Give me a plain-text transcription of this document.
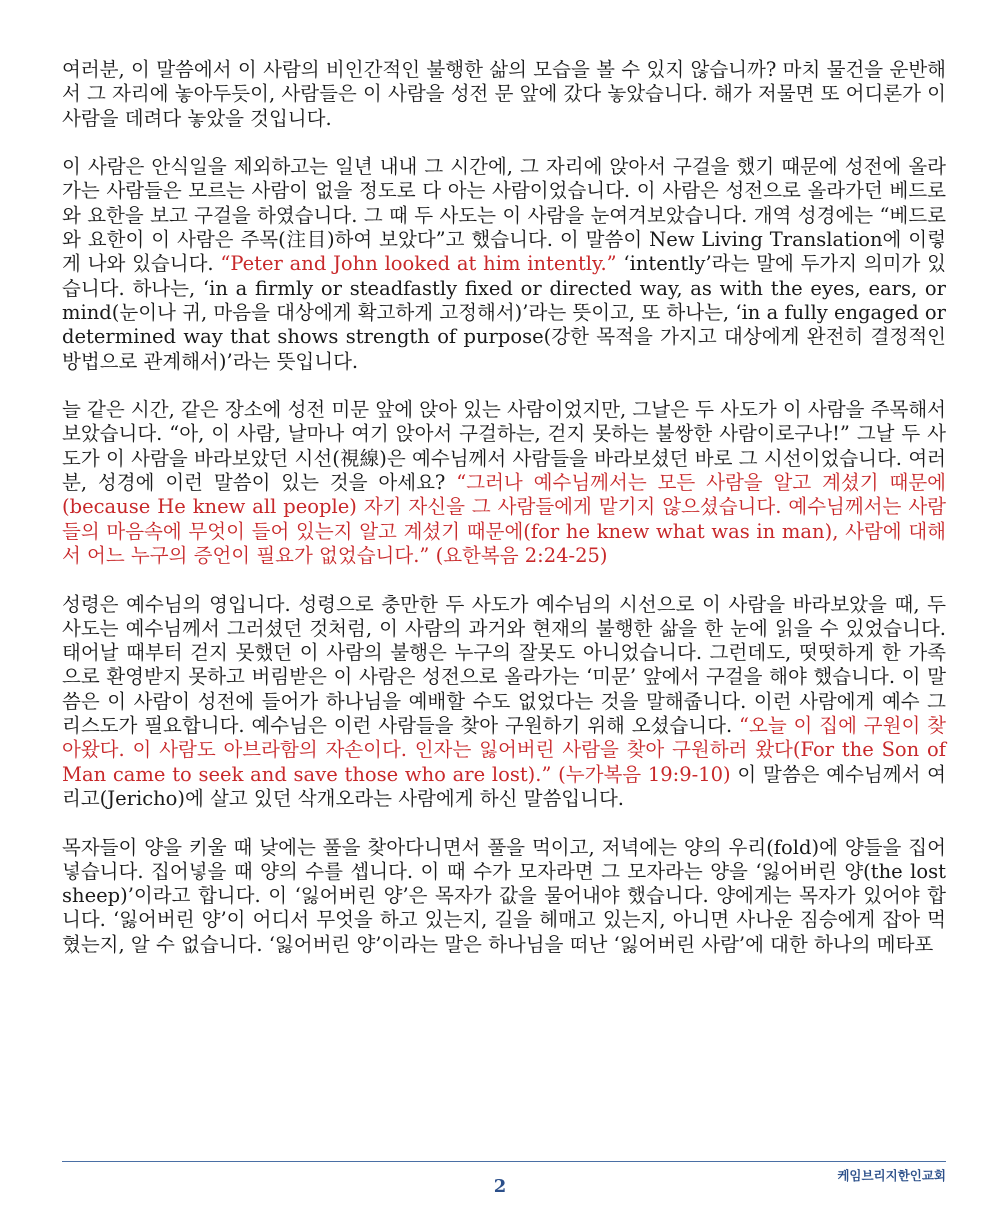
여러분, 이 말씀에서 이 사람의 비인간적인 불행한 삶의 모습을 볼 수 있지 않습니까? 마치 물건을 운반해서 그 자리에 놓아두듯이, 사람들은 이 사람을 성전 문 앞에 갔다 놓았습니다. 해가 저물면 또 어디론가 이 사람을 데려다 놓았을 것입니다.

이 사람은 안식일을 제외하고는 일년 내내 그 시간에, 그 자리에 앉아서 구걸을 했기 때문에 성전에 올라가는 사람들은 모르는 사람이 없을 정도로 다 아는 사람이었습니다. 이 사람은 성전으로 올라가던 베드로와 요한을 보고 구걸을 하였습니다. 그 때 두 사도는 이 사람을 눈여겨보았습니다. 개역 성경에는 “베드로와 요한이 이 사람은 주목(注目)하여 보았다”고 했습니다. 이 말씀이 New Living Translation에 이렇게 나와 있습니다. “Peter and John looked at him intently.” ‘intently’라는 말에 두가지 의미가 있습니다. 하나는, ‘in a firmly or steadfastly fixed or directed way, as with the eyes, ears, or mind(눈이나 귀, 마음을 대상에게 확고하게 고정해서)’라는 뜻이고, 또 하나는, ‘in a fully engaged or determined way that shows strength of purpose(강한 목적을 가지고 대상에게 완전히 결정적인 방법으로 관계해서)’라는 뜻입니다.

늘 같은 시간, 같은 장소에 성전 미문 앞에 앉아 있는 사람이었지만, 그날은 두 사도가 이 사람을 주목해서 보았습니다. “아, 이 사람, 날마나 여기 앉아서 구걸하는, 걷지 못하는 불쌍한 사람이로구나!” 그날 두 사도가 이 사람을 바라보았던 시선(視線)은 예수님께서 사람들을 바라보셨던 바로 그 시선이었습니다. 여러분, 성경에 이런 말씀이 있는 것을 아세요? “그러나 예수님께서는 모든 사람을 알고 계셨기 때문에(because He knew all people) 자기 자신을 그 사람들에게 맡기지 않으셨습니다. 예수님께서는 사람들의 마음속에 무엇이 들어 있는지 알고 계셨기 때문에(for he knew what was in man), 사람에 대해서 어느 누구의 증언이 필요가 없었습니다.” (요한복음 2:24-25)

성령은 예수님의 영입니다. 성령으로 충만한 두 사도가 예수님의 시선으로 이 사람을 바라보았을 때, 두 사도는 예수님께서 그러셨던 것처럼, 이 사람의 과거와 현재의 불행한 삶을 한 눈에 읽을 수 있었습니다. 태어날 때부터 걷지 못했던 이 사람의 불행은 누구의 잘못도 아니었습니다. 그런데도, 떳떳하게 한 가족으로 환영받지 못하고 버림받은 이 사람은 성전으로 올라가는 ‘미문’ 앞에서 구걸을 해야 했습니다. 이 말씀은 이 사람이 성전에 들어가 하나님을 예배할 수도 없었다는 것을 말해줍니다. 이런 사람에게 예수 그리스도가 필요합니다. 예수님은 이런 사람들을 찾아 구원하기 위해 오셨습니다. “오늘 이 집에 구원이 찾아왔다. 이 사람도 아브라함의 자손이다. 인자는 잃어버린 사람을 찾아 구원하러 왔다(For the Son of Man came to seek and save those who are lost).” (누가복음 19:9-10) 이 말씀은 예수님께서 여리고(Jericho)에 살고 있던 삭개오라는 사람에게 하신 말씀입니다.

목자들이 양을 키울 때 낮에는 풀을 찾아다니면서 풀을 먹이고, 저녁에는 양의 우리(fold)에 양들을 집어넣습니다. 집어넣을 때 양의 수를 셉니다. 이 때 수가 모자라면 그 모자라는 양을 ‘잃어버린 양(the lost sheep)’이라고 합니다. 이 ‘잃어버린 양’은 목자가 값을 물어내야 했습니다. 양에게는 목자가 있어야 합니다. ‘잃어버린 양’이 어디서 무엇을 하고 있는지, 길을 헤매고 있는지, 아니면 사나운 짐승에게 잡아 먹혔는지, 알 수 없습니다. ‘잃어버린 양’이라는 말은 하나님을 떠난 ‘잃어버린 사람’에 대한 하나의 메타포

2
케임브리지한인교회
